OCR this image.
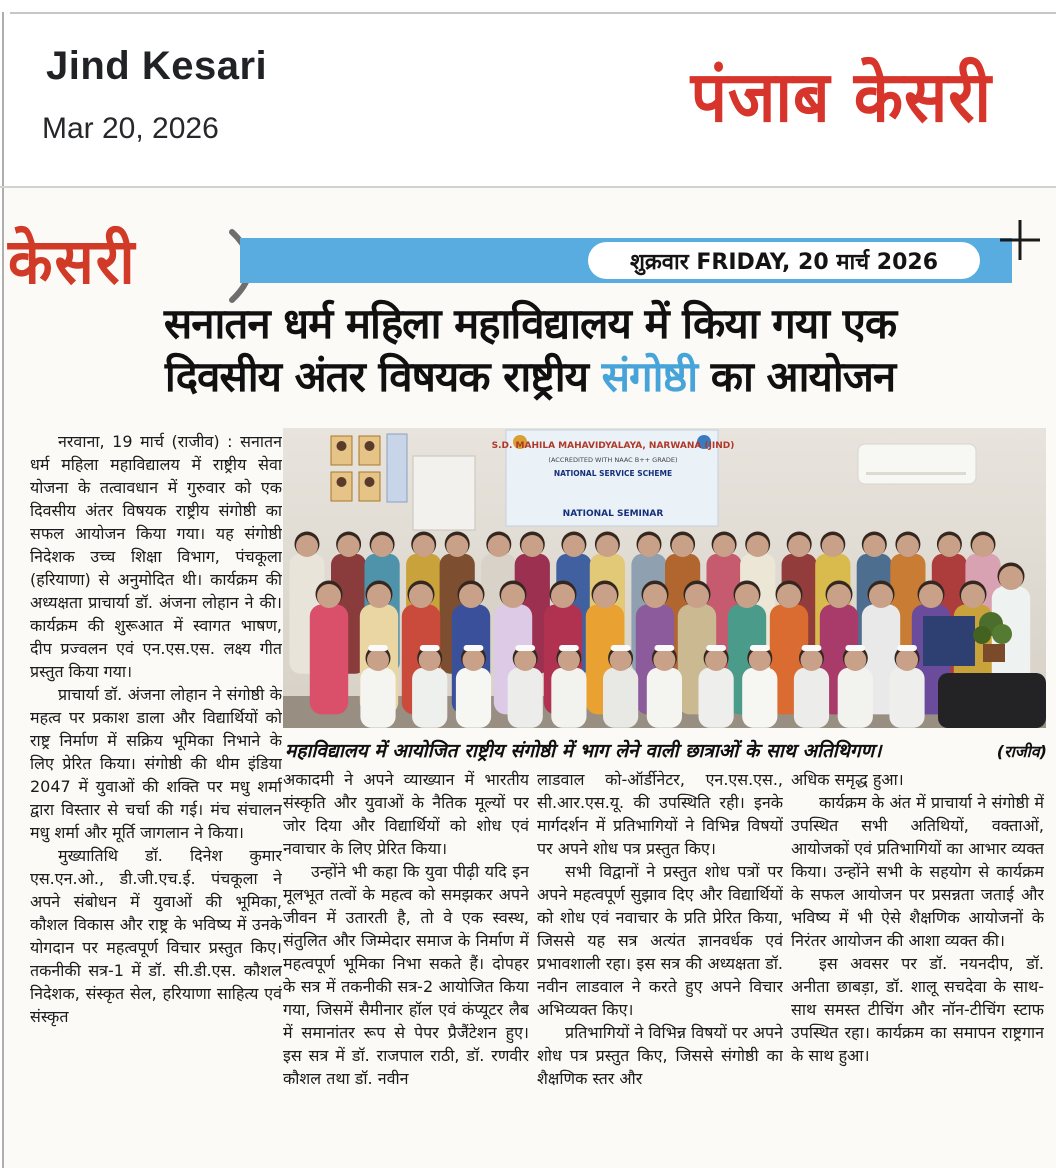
Jind Kesari
Mar 20, 2026	पंजाब केसरी
केसरी	शुक्रवार FRIDAY, 20 मार्च 2026
सनातन धर्म महिला महाविद्यालय में किया गया एक
दिवसीय अंतर विषयक राष्ट्रीय संगोष्ठी का आयोजन
S.D. MAHILA MAHAVIDYALAYA, NARWANA (JIND)
(ACCREDITED WITH NAAC B++ GRADE)
NATIONAL SERVICE SCHEME
NATIONAL SEMINAR
महाविद्यालय में आयोजित राष्ट्रीय संगोष्ठी में भाग लेने वाली छात्राओं के साथ अतिथिगण।	(राजीव)

नरवाना, 19 मार्च (राजीव) : सनातन धर्म महिला महाविद्यालय में राष्ट्रीय सेवा योजना के तत्वावधान में गुरुवार को एक दिवसीय अंतर विषयक राष्ट्रीय संगोष्ठी का सफल आयोजन किया गया। यह संगोष्ठी निदेशक उच्च शिक्षा विभाग, पंचकूला (हरियाणा) से अनुमोदित थी। कार्यक्रम की अध्यक्षता प्राचार्या डॉ. अंजना लोहान ने की। कार्यक्रम की शुरूआत में स्वागत भाषण, दीप प्रज्वलन एवं एन.एस.एस. लक्ष्य गीत प्रस्तुत किया गया।

प्राचार्या डॉ. अंजना लोहान ने संगोष्ठी के महत्व पर प्रकाश डाला और विद्यार्थियों को राष्ट्र निर्माण में सक्रिय भूमिका निभाने के लिए प्रेरित किया। संगोष्ठी की थीम इंडिया 2047 में युवाओं की शक्ति पर मधु शर्मा द्वारा विस्तार से चर्चा की गई। मंच संचालन मधु शर्मा और मूर्ति जागलान ने किया।

मुख्यातिथि डॉ. दिनेश कुमार एस.एन.ओ., डी.जी.एच.ई. पंचकूला ने अपने संबोधन में युवाओं की भूमिका, कौशल विकास और राष्ट्र के भविष्य में उनके योगदान पर महत्वपूर्ण विचार प्रस्तुत किए। तकनीकी सत्र-1 में डॉ. सी.डी.एस. कौशल निदेशक, संस्कृत सेल, हरियाणा साहित्य एवं संस्कृत

अकादमी ने अपने व्याख्यान में भारतीय संस्कृति और युवाओं के नैतिक मूल्यों पर जोर दिया और विद्यार्थियों को शोध एवं नवाचार के लिए प्रेरित किया।

उन्होंने भी कहा कि युवा पीढ़ी यदि इन मूलभूत तत्वों के महत्व को समझकर अपने जीवन में उतारती है, तो वे एक स्वस्थ, संतुलित और जिम्मेदार समाज के निर्माण में महत्वपूर्ण भूमिका निभा सकते हैं। दोपहर के सत्र में तकनीकी सत्र-2 आयोजित किया गया, जिसमें सैमीनार हॉल एवं कंप्यूटर लैब में समानांतर रूप से पेपर प्रैजैंटेशन हुए। इस सत्र में डॉ. राजपाल राठी, डॉ. रणवीर कौशल तथा डॉ. नवीन

लाडवाल को-ऑर्डीनेटर, एन.एस.एस., सी.आर.एस.यू. की उपस्थिति रही। इनके मार्गदर्शन में प्रतिभागियों ने विभिन्न विषयों पर अपने शोध पत्र प्रस्तुत किए।

सभी विद्वानों ने प्रस्तुत शोध पत्रों पर अपने महत्वपूर्ण सुझाव दिए और विद्यार्थियों को शोध एवं नवाचार के प्रति प्रेरित किया, जिससे यह सत्र अत्यंत ज्ञानवर्धक एवं प्रभावशाली रहा। इस सत्र की अध्यक्षता डॉ. नवीन लाडवाल ने करते हुए अपने विचार अभिव्यक्त किए।

प्रतिभागियों ने विभिन्न विषयों पर अपने शोध पत्र प्रस्तुत किए, जिससे संगोष्ठी का शैक्षणिक स्तर और

अधिक समृद्ध हुआ।

कार्यक्रम के अंत में प्राचार्या ने संगोष्ठी में उपस्थित सभी अतिथियों, वक्ताओं, आयोजकों एवं प्रतिभागियों का आभार व्यक्त किया। उन्होंने सभी के सहयोग से कार्यक्रम के सफल आयोजन पर प्रसन्नता जताई और भविष्य में भी ऐसे शैक्षणिक आयोजनों के निरंतर आयोजन की आशा व्यक्त की।

इस अवसर पर डॉ. नयनदीप, डॉ. अनीता छाबड़ा, डॉ. शालू सचदेवा के साथ- साथ समस्त टीचिंग और नॉन-टीचिंग स्टाफ उपस्थित रहा। कार्यक्रम का समापन राष्ट्रगान के साथ हुआ।
